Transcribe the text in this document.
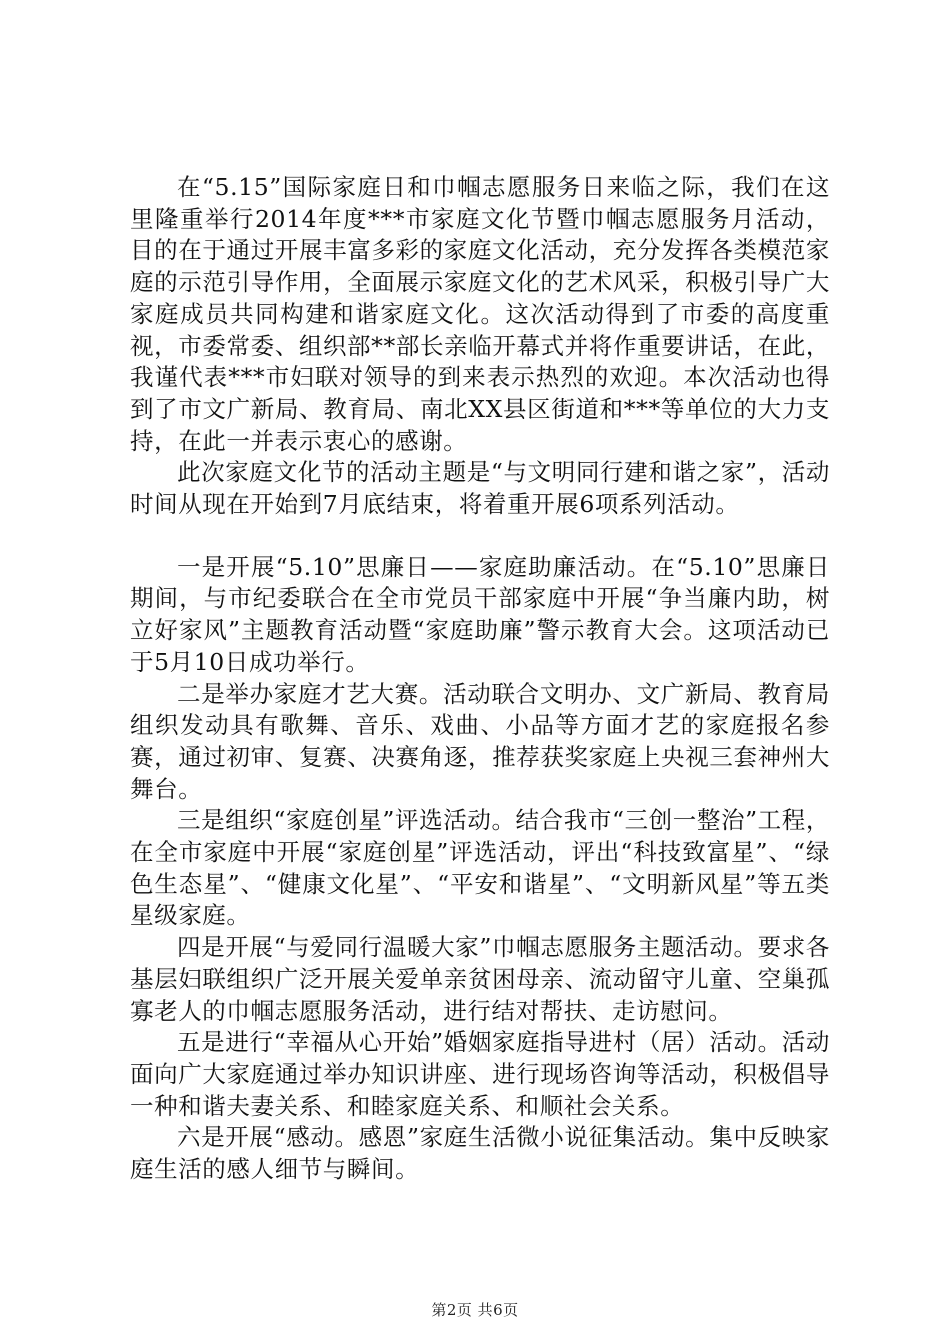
在“5.15”国际家庭日和巾帼志愿服务日来临之际，我们在这里隆重举行2014年度***市家庭文化节暨巾帼志愿服务月活动，目的在于通过开展丰富多彩的家庭文化活动，充分发挥各类模范家庭的示范引导作用，全面展示家庭文化的艺术风采，积极引导广大家庭成员共同构建和谐家庭文化。这次活动得到了市委的高度重视，市委常委、组织部**部长亲临开幕式并将作重要讲话，在此，我谨代表***市妇联对领导的到来表示热烈的欢迎。本次活动也得到了市文广新局、教育局、南北XX县区街道和***等单位的大力支持，在此一并表示衷心的感谢。

此次家庭文化节的活动主题是“与文明同行建和谐之家”，活动时间从现在开始到7月底结束，将着重开展6项系列活动。

一是开展“5.10”思廉日——家庭助廉活动。在“5.10”思廉日期间，与市纪委联合在全市党员干部家庭中开展“争当廉内助，树立好家风”主题教育活动暨“家庭助廉”警示教育大会。这项活动已于5月10日成功举行。

二是举办家庭才艺大赛。活动联合文明办、文广新局、教育局组织发动具有歌舞、音乐、戏曲、小品等方面才艺的家庭报名参赛，通过初审、复赛、决赛角逐，推荐获奖家庭上央视三套神州大舞台。

三是组织“家庭创星”评选活动。结合我市“三创一整治”工程，在全市家庭中开展“家庭创星”评选活动，评出“科技致富星”、“绿色生态星”、“健康文化星”、“平安和谐星”、“文明新风星”等五类星级家庭。

四是开展“与爱同行温暖大家”巾帼志愿服务主题活动。要求各基层妇联组织广泛开展关爱单亲贫困母亲、流动留守儿童、空巢孤寡老人的巾帼志愿服务活动，进行结对帮扶、走访慰问。

五是进行“幸福从心开始”婚姻家庭指导进村（居）活动。活动面向广大家庭通过举办知识讲座、进行现场咨询等活动，积极倡导一种和谐夫妻关系、和睦家庭关系、和顺社会关系。

六是开展“感动。感恩”家庭生活微小说征集活动。集中反映家庭生活的感人细节与瞬间。

第2页 共6页
